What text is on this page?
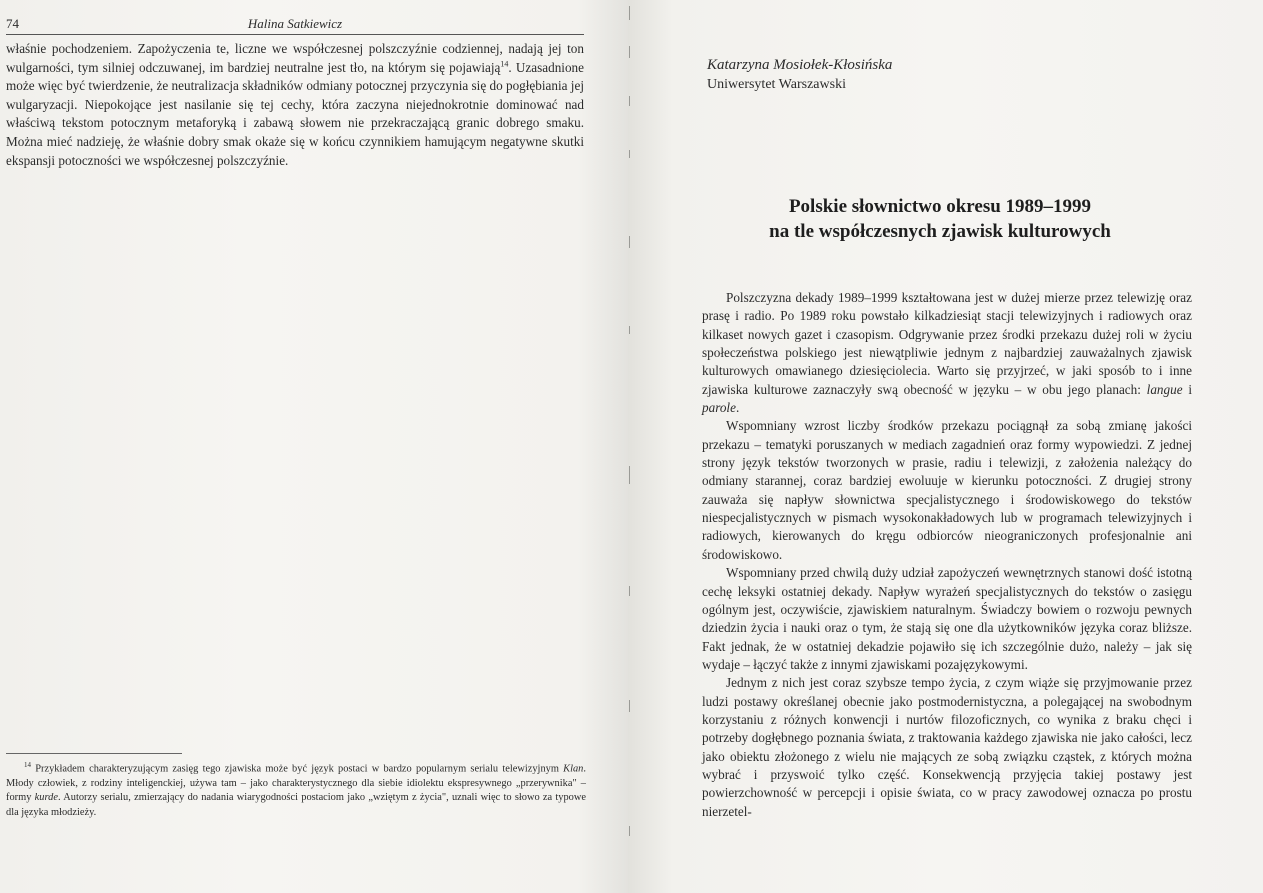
74	Halina Satkiewicz

właśnie pochodzeniem. Zapożyczenia te, liczne we współczesnej polszczyźnie codziennej, nadają jej ton wulgarności, tym silniej odczuwanej, im bardziej neutralne jest tło, na którym się pojawiają$^{14}$. Uzasadnione może więc być twierdzenie, że neutralizacja składników odmiany potocznej przyczynia się do pogłębiania jej wulgaryzacji. Niepokojące jest nasilanie się tej cechy, która zaczyna niejednokrotnie dominować nad właściwą tekstom potocznym metaforyką i zabawą słowem nie przekraczającą granic dobrego smaku. Można mieć nadzieję, że właśnie dobry smak okaże się w końcu czynnikiem hamującym negatywne skutki ekspansji potoczności we współczesnej polszczyźnie.

$^{14}$ Przykładem charakteryzującym zasięg tego zjawiska może być język postaci w bardzo popularnym serialu telewizyjnym Klan. Młody człowiek, z rodziny inteligenckiej, używa tam – jako charakterystycznego dla siebie idiolektu ekspresywnego „przerywnika" – formy kurde. Autorzy serialu, zmierzający do nadania wiarygodności postaciom jako „wziętym z życia", uznali więc to słowo za typowe dla języka młodzieży.

Katarzyna Mosiołek-Kłosińska
Uniwersytet Warszawski
Polskie słownictwo okresu 1989–1999
na tle współczesnych zjawisk kulturowych

Polszczyzna dekady 1989–1999 kształtowana jest w dużej mierze przez telewizję oraz prasę i radio. Po 1989 roku powstało kilkadziesiąt stacji telewizyjnych i radiowych oraz kilkaset nowych gazet i czasopism. Odgrywanie przez środki przekazu dużej roli w życiu społeczeństwa polskiego jest niewątpliwie jednym z najbardziej zauważalnych zjawisk kulturowych omawianego dziesięciolecia. Warto się przyjrzeć, w jaki sposób to i inne zjawiska kulturowe zaznaczyły swą obecność w języku – w obu jego planach: langue i parole.

Wspomniany wzrost liczby środków przekazu pociągnął za sobą zmianę jakości przekazu – tematyki poruszanych w mediach zagadnień oraz formy wypowiedzi. Z jednej strony język tekstów tworzonych w prasie, radiu i telewizji, z założenia należący do odmiany starannej, coraz bardziej ewoluuje w kierunku potoczności. Z drugiej strony zauważa się napływ słownictwa specjalistycznego i środowiskowego do tekstów niespecjalistycznych w pismach wysokonakładowych lub w programach telewizyjnych i radiowych, kierowanych do kręgu odbiorców nieograniczonych profesjonalnie ani środowiskowo.

Wspomniany przed chwilą duży udział zapożyczeń wewnętrznych stanowi dość istotną cechę leksyki ostatniej dekady. Napływ wyrażeń specjalistycznych do tekstów o zasięgu ogólnym jest, oczywiście, zjawiskiem naturalnym. Świadczy bowiem o rozwoju pewnych dziedzin życia i nauki oraz o tym, że stają się one dla użytkowników języka coraz bliższe. Fakt jednak, że w ostatniej dekadzie pojawiło się ich szczególnie dużo, należy – jak się wydaje – łączyć także z innymi zjawiskami pozajęzykowymi.

Jednym z nich jest coraz szybsze tempo życia, z czym wiąże się przyjmowanie przez ludzi postawy określanej obecnie jako postmodernistyczna, a polegającej na swobodnym korzystaniu z różnych konwencji i nurtów filozoficznych, co wynika z braku chęci i potrzeby dogłębnego poznania świata, z traktowania każdego zjawiska nie jako całości, lecz jako obiektu złożonego z wielu nie mających ze sobą związku cząstek, z których można wybrać i przyswoić tylko część. Konsekwencją przyjęcia takiej postawy jest powierzchowność w percepcji i opisie świata, co w pracy zawodowej oznacza po prostu nierzetel-
